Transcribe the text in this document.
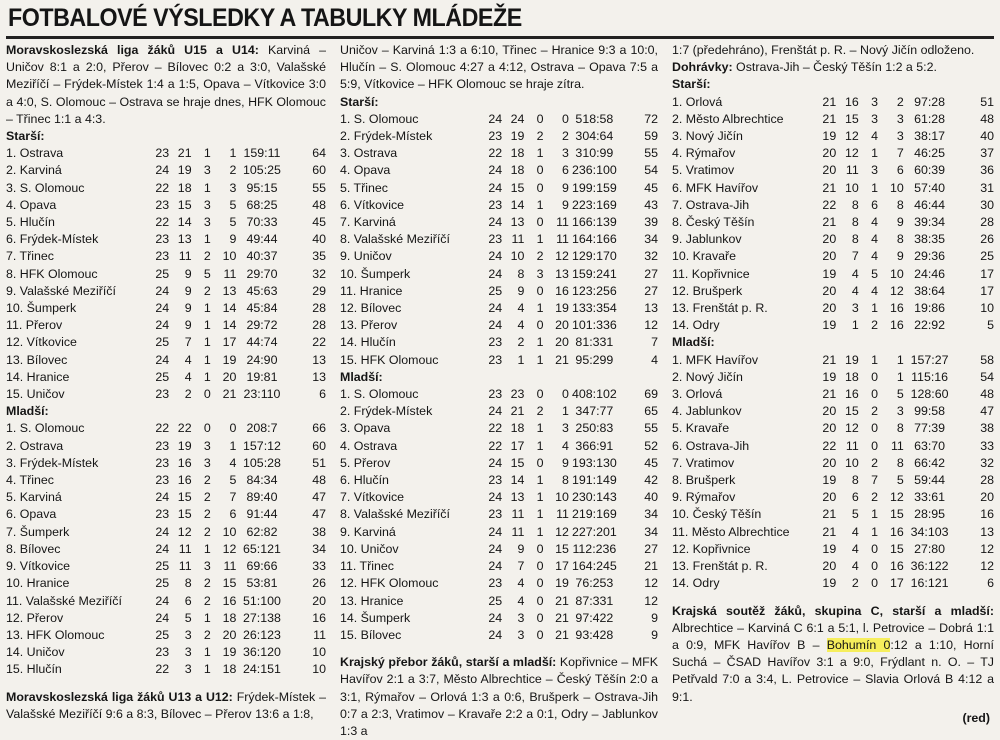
FOTBALOVÉ VÝSLEDKY A TABULKY MLÁDEŽE
Moravskoslezská liga žáků U15 a U14: Karviná – Uničov 8:1 a 2:0, Přerov – Bílovec 0:2 a 3:0, Valašské Meziříčí – Frýdek-Místek 1:4 a 1:5, Opava – Vítkovice 3:0 a 4:0, S. Olomouc – Ostrava se hraje dnes, HFK Olomouc – Třinec 1:1 a 4:3.
Starší:
1. Ostrava	23	21	1	1	159:11	64
2. Karviná	24	19	3	2	105:25	60
3. S. Olomouc	22	18	1	3	95:15	55
4. Opava	23	15	3	5	68:25	48
5. Hlučín	22	14	3	5	70:33	45
6. Frýdek-Místek	23	13	1	9	49:44	40
7. Třinec	23	11	2	10	40:37	35
8. HFK Olomouc	25	9	5	11	29:70	32
9. Valašské Meziříčí	24	9	2	13	45:63	29
10. Šumperk	24	9	1	14	45:84	28
11. Přerov	24	9	1	14	29:72	28
12. Vítkovice	25	7	1	17	44:74	22
13. Bílovec	24	4	1	19	24:90	13
14. Hranice	25	4	1	20	19:81	13
15. Uničov	23	2	0	21	23:110	6
Mladší:
1. S. Olomouc	22	22	0	0	208:7	66
2. Ostrava	23	19	3	1	157:12	60
3. Frýdek-Místek	23	16	3	4	105:28	51
4. Třinec	23	16	2	5	84:34	48
5. Karviná	24	15	2	7	89:40	47
6. Opava	23	15	2	6	91:44	47
7. Šumperk	24	12	2	10	62:82	38
8. Bílovec	24	11	1	12	65:121	34
9. Vítkovice	25	11	3	11	69:66	33
10. Hranice	25	8	2	15	53:81	26
11. Valašské Meziříčí	24	6	2	16	51:100	20
12. Přerov	24	5	1	18	27:138	16
13. HFK Olomouc	25	3	2	20	26:123	11
14. Uničov	23	3	1	19	36:120	10
15. Hlučín	22	3	1	18	24:151	10
Moravskoslezská liga žáků U13 a U12: Frýdek-Místek – Valašské Meziříčí 9:6 a 8:3, Bílovec – Přerov 13:6 a 1:8,
Uničov – Karviná 1:3 a 6:10, Třinec – Hranice 9:3 a 10:0, Hlučín – S. Olomouc 4:27 a 4:12, Ostrava – Opava 7:5 a 5:9, Vítkovice – HFK Olomouc se hraje zítra.
Starší:
1. S. Olomouc	24	24	0	0	518:58	72
2. Frýdek-Místek	23	19	2	2	304:64	59
3. Ostrava	22	18	1	3	310:99	55
4. Opava	24	18	0	6	236:100	54
5. Třinec	24	15	0	9	199:159	45
6. Vítkovice	23	14	1	9	223:169	43
7. Karviná	24	13	0	11	166:139	39
8. Valašské Meziříčí	23	11	1	11	164:166	34
9. Uničov	24	10	2	12	129:170	32
10. Šumperk	24	8	3	13	159:241	27
11. Hranice	25	9	0	16	123:256	27
12. Bílovec	24	4	1	19	133:354	13
13. Přerov	24	4	0	20	101:336	12
14. Hlučín	23	2	1	20	81:331	7
15. HFK Olomouc	23	1	1	21	95:299	4
Mladší:
1. S. Olomouc	23	23	0	0	408:102	69
2. Frýdek-Místek	24	21	2	1	347:77	65
3. Opava	22	18	1	3	250:83	55
4. Ostrava	22	17	1	4	366:91	52
5. Přerov	24	15	0	9	193:130	45
6. Hlučín	23	14	1	8	191:149	42
7. Vítkovice	24	13	1	10	230:143	40
8. Valašské Meziříčí	23	11	1	11	219:169	34
9. Karviná	24	11	1	12	227:201	34
10. Uničov	24	9	0	15	112:236	27
11. Třinec	24	7	0	17	164:245	21
12. HFK Olomouc	23	4	0	19	76:253	12
13. Hranice	25	4	0	21	87:331	12
14. Šumperk	24	3	0	21	97:422	9
15. Bílovec	24	3	0	21	93:428	9
Krajský přebor žáků, starší a mladší: Kopřivnice – MFK Havířov 2:1 a 3:7, Město Albrechtice – Český Těšín 2:0 a 3:1, Rýmařov – Orlová 1:3 a 0:6, Brušperk – Ostrava-Jih 0:7 a 2:3, Vratimov – Kravaře 2:2 a 0:1, Odry – Jablunkov 1:3 a
1:7 (předehráno), Frenštát p. R. – Nový Jičín odloženo.
Dohrávky: Ostrava-Jih – Český Těšín 1:2 a 5:2.
Starší:
1. Orlová	21	16	3	2	97:28	51
2. Město Albrechtice	21	15	3	3	61:28	48
3. Nový Jičín	19	12	4	3	38:17	40
4. Rýmařov	20	12	1	7	46:25	37
5. Vratimov	20	11	3	6	60:39	36
6. MFK Havířov	21	10	1	10	57:40	31
7. Ostrava-Jih	22	8	6	8	46:44	30
8. Český Těšín	21	8	4	9	39:34	28
9. Jablunkov	20	8	4	8	38:35	26
10. Kravaře	20	7	4	9	29:36	25
11. Kopřivnice	19	4	5	10	24:46	17
12. Brušperk	20	4	4	12	38:64	17
13. Frenštát p. R.	20	3	1	16	19:86	10
14. Odry	19	1	2	16	22:92	5
Mladší:
1. MFK Havířov	21	19	1	1	157:27	58
2. Nový Jičín	19	18	0	1	115:16	54
3. Orlová	21	16	0	5	128:60	48
4. Jablunkov	20	15	2	3	99:58	47
5. Kravaře	20	12	0	8	77:39	38
6. Ostrava-Jih	22	11	0	11	63:70	33
7. Vratimov	20	10	2	8	66:42	32
8. Brušperk	19	8	7	5	59:44	28
9. Rýmařov	20	6	2	12	33:61	20
10. Český Těšín	21	5	1	15	28:95	16
11. Město Albrechtice	21	4	1	16	34:103	13
12. Kopřivnice	19	4	0	15	27:80	12
13. Frenštát p. R.	20	4	0	16	36:122	12
14. Odry	19	2	0	17	16:121	6
Krajská soutěž žáků, skupina C, starší a mladší: Albrechtice – Karviná C 6:1 a 5:1, l. Petrovice – Dobrá 1:1 a 0:9, MFK Havířov B – Bohumín 0:12 a 1:10, Horní Suchá – ČSAD Havířov 3:1 a 9:0, Frýdlant n. O. – TJ Petřvald 7:0 a 3:4, L. Petrovice – Slavia Orlová B 4:12 a 9:1.
(red)
